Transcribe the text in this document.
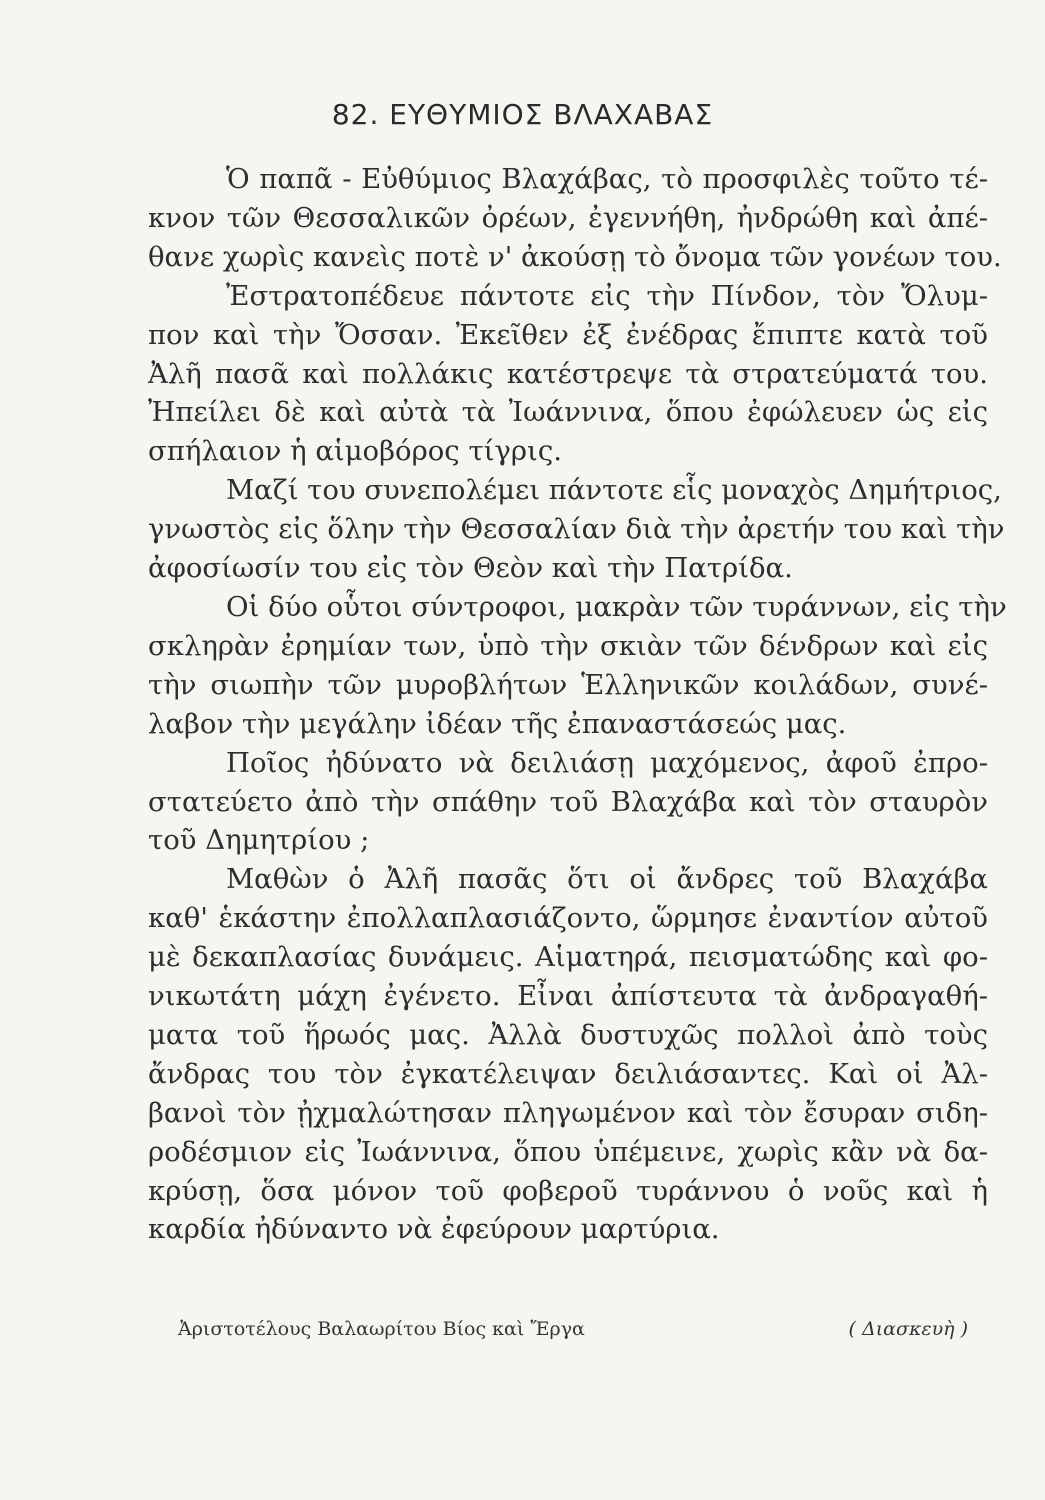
82. ΕΥΘΥΜΙΟΣ ΒΛΑΧΑΒΑΣ
Ὁ παπᾶ - Εὐθύμιος Βλαχάβας, τὸ προσφιλὲς τοῦτο τέ-
κνον τῶν Θεσσαλικῶν ὀρέων, ἐγεννήθη, ἠνδρώθη καὶ ἀπέ-
θανε χωρὶς κανεὶς ποτὲ ν' ἀκούσῃ τὸ ὄνομα τῶν γονέων του.
Ἐστρατοπέδευε πάντοτε εἰς τὴν Πίνδον, τὸν Ὄλυμ-
πον καὶ τὴν Ὄσσαν. Ἐκεῖθεν ἐξ ἐνέδρας ἔπιπτε κατὰ τοῦ
Ἀλῆ πασᾶ καὶ πολλάκις κατέστρεψε τὰ στρατεύματά του.
Ἠπείλει δὲ καὶ αὐτὰ τὰ Ἰωάννινα, ὅπου ἐφώλευεν ὡς εἰς
σπήλαιον ἡ αἱμοβόρος τίγρις.
Μαζί του συνεπολέμει πάντοτε εἷς μοναχὸς Δημήτριος,
γνωστὸς εἰς ὅλην τὴν Θεσσαλίαν διὰ τὴν ἀρετήν του καὶ τὴν
ἀφοσίωσίν του εἰς τὸν Θεὸν καὶ τὴν Πατρίδα.
Οἱ δύο οὗτοι σύντροφοι, μακρὰν τῶν τυράννων, εἰς τὴν
σκληρὰν ἐρημίαν των, ὑπὸ τὴν σκιὰν τῶν δένδρων καὶ εἰς
τὴν σιωπὴν τῶν μυροβλήτων Ἑλληνικῶν κοιλάδων, συνέ-
λαβον τὴν μεγάλην ἰδέαν τῆς ἐπαναστάσεώς μας.
Ποῖος ἠδύνατο νὰ δειλιάσῃ μαχόμενος, ἀφοῦ ἐπρο-
στατεύετο ἀπὸ τὴν σπάθην τοῦ Βλαχάβα καὶ τὸν σταυρὸν
τοῦ Δημητρίου ;
Μαθὼν ὁ Ἀλῆ πασᾶς ὅτι οἱ ἄνδρες τοῦ Βλαχάβα
καθ' ἑκάστην ἐπολλαπλασιάζοντο, ὥρμησε ἐναντίον αὐτοῦ
μὲ δεκαπλασίας δυνάμεις. Αἱματηρά, πεισματώδης καὶ φο-
νικωτάτη μάχη ἐγένετο. Εἶναι ἀπίστευτα τὰ ἀνδραγαθή-
ματα τοῦ ἥρωός μας. Ἀλλὰ δυστυχῶς πολλοὶ ἀπὸ τοὺς
ἄνδρας του τὸν ἐγκατέλειψαν δειλιάσαντες. Καὶ οἱ Ἀλ-
βανοὶ τὸν ᾐχμαλώτησαν πληγωμένον καὶ τὸν ἔσυραν σιδη-
ροδέσμιον εἰς Ἰωάννινα, ὅπου ὑπέμεινε, χωρὶς κἂν νὰ δα-
κρύσῃ, ὅσα μόνον τοῦ φοβεροῦ τυράννου ὁ νοῦς καὶ ἡ
καρδία ἠδύναντο νὰ ἐφεύρουν μαρτύρια.
Ἀριστοτέλους Βαλαωρίτου Βίος καὶ Ἔργα	( Διασκευὴ )
